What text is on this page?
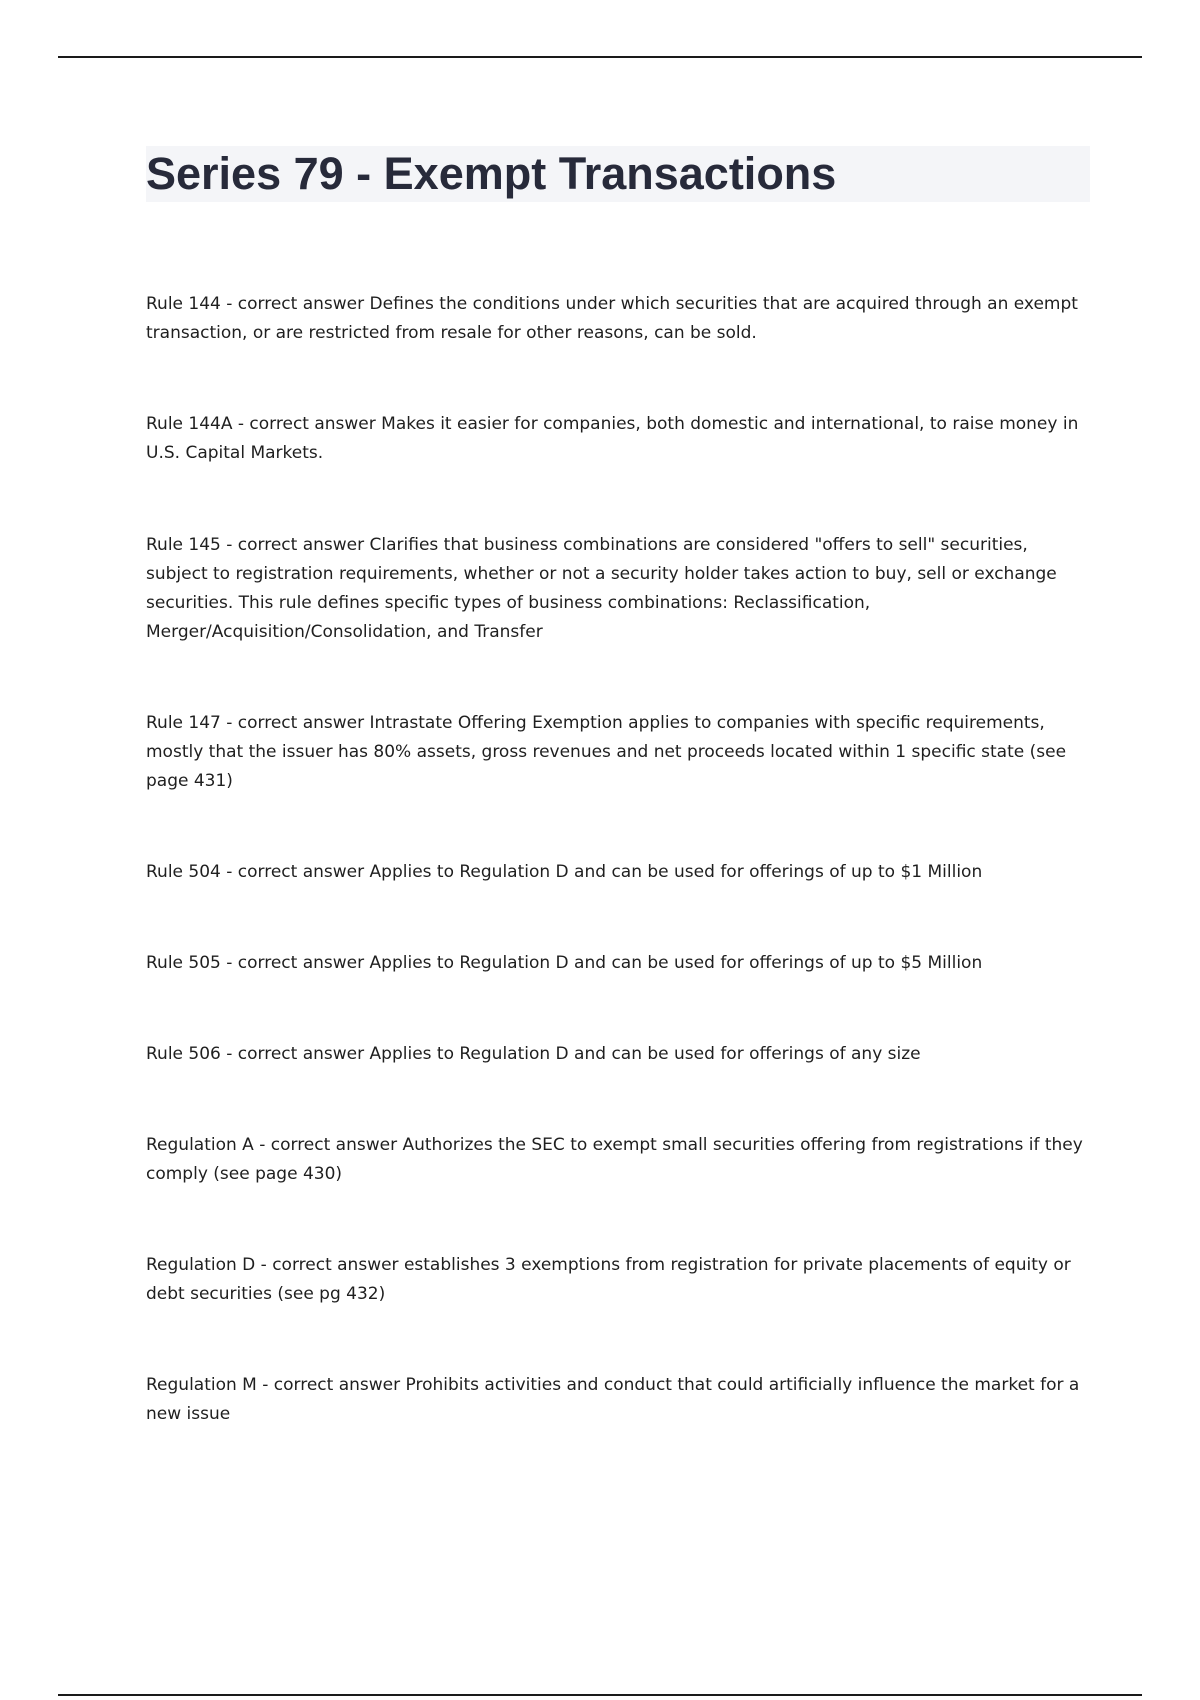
Series 79 - Exempt Transactions

Rule 144 - correct answer Defines the conditions under which securities that are acquired through an exempt transaction, or are restricted from resale for other reasons, can be sold.

Rule 144A - correct answer Makes it easier for companies, both domestic and international, to raise money in U.S. Capital Markets.

Rule 145 - correct answer Clarifies that business combinations are considered "offers to sell" securities, subject to registration requirements, whether or not a security holder takes action to buy, sell or exchange securities. This rule defines specific types of business combinations: Reclassification, Merger/Acquisition/Consolidation, and Transfer

Rule 147 - correct answer Intrastate Offering Exemption applies to companies with specific requirements, mostly that the issuer has 80% assets, gross revenues and net proceeds located within 1 specific state (see page 431)

Rule 504 - correct answer Applies to Regulation D and can be used for offerings of up to $1 Million

Rule 505 - correct answer Applies to Regulation D and can be used for offerings of up to $5 Million

Rule 506 - correct answer Applies to Regulation D and can be used for offerings of any size

Regulation A - correct answer Authorizes the SEC to exempt small securities offering from registrations if they comply (see page 430)

Regulation D - correct answer establishes 3 exemptions from registration for private placements of equity or debt securities (see pg 432)

Regulation M - correct answer Prohibits activities and conduct that could artificially influence the market for a new issue
